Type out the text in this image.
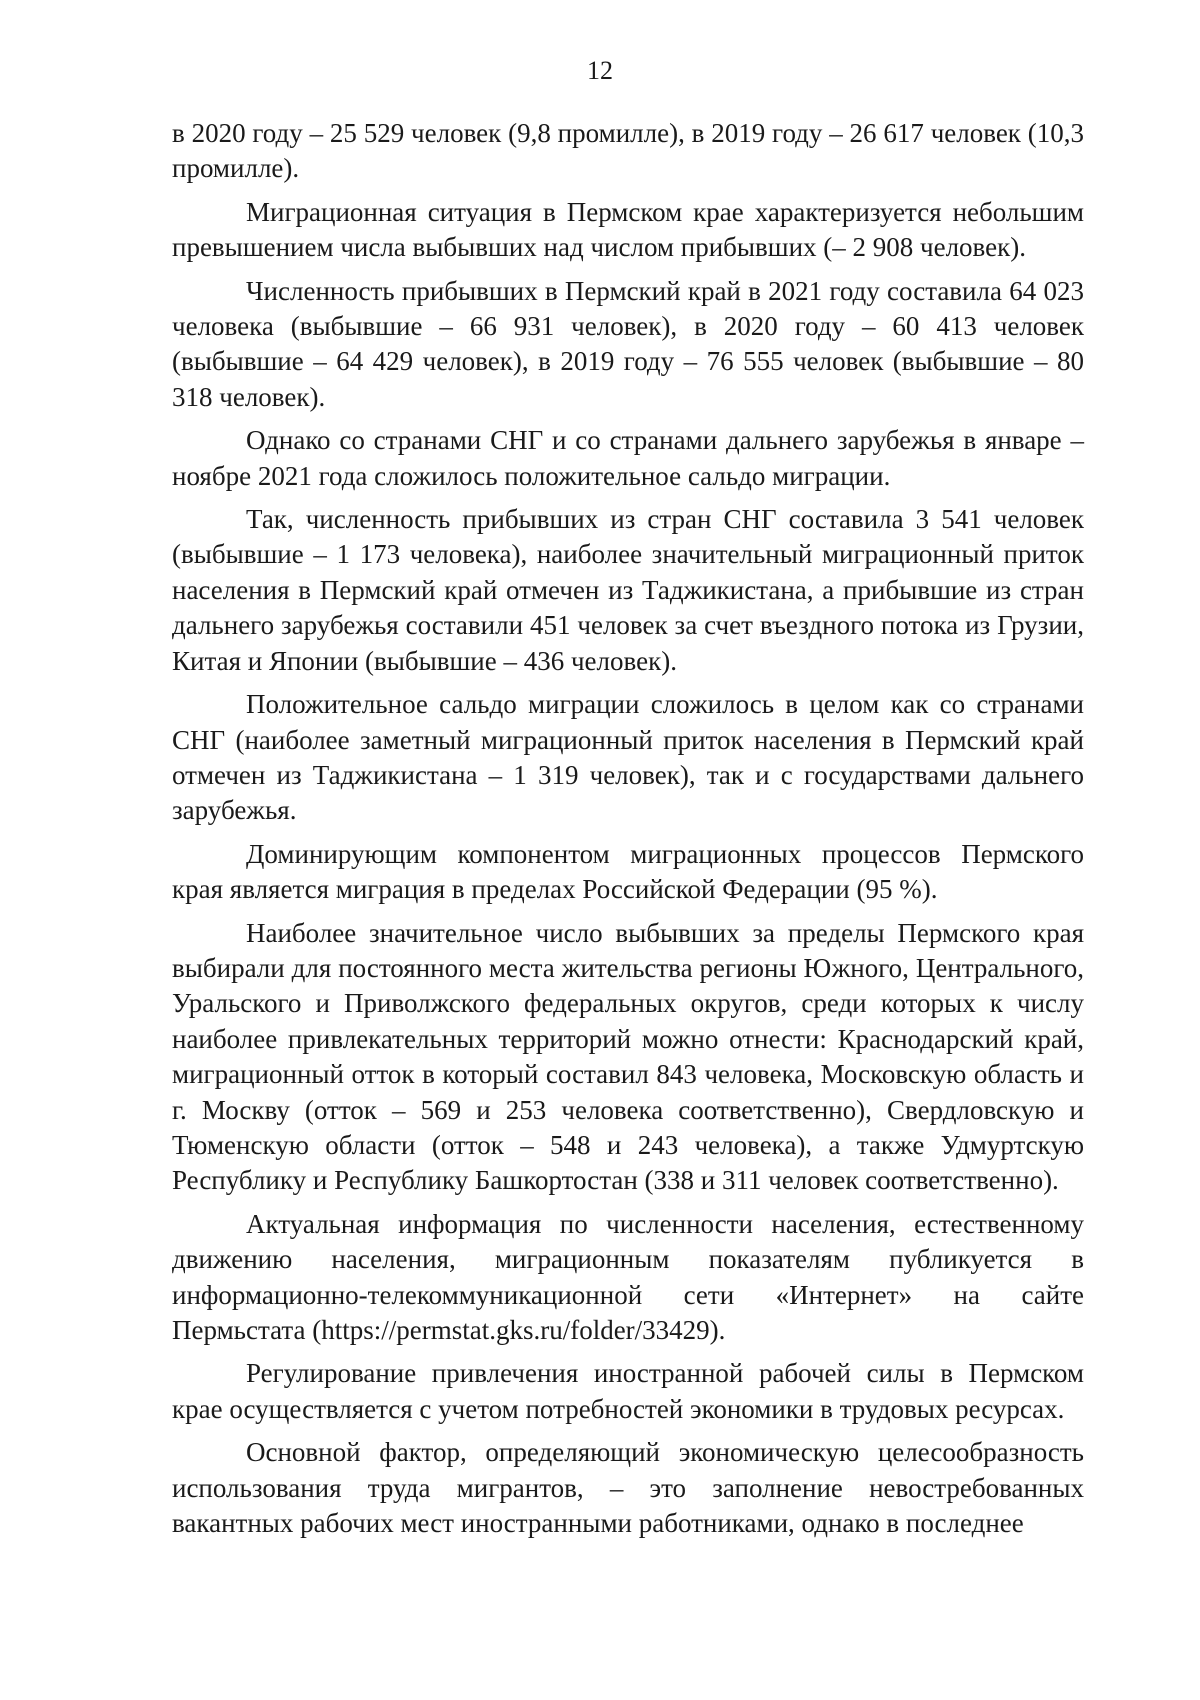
12

в 2020 году – 25 529 человек (9,8 промилле), в 2019 году – 26 617 человек (10,3 промилле).

Миграционная ситуация в Пермском крае характеризуется небольшим превышением числа выбывших над числом прибывших (– 2 908 человек).

Численность прибывших в Пермский край в 2021 году составила 64 023 человека (выбывшие – 66 931 человек), в 2020 году – 60 413 человек (выбывшие – 64 429 человек), в 2019 году – 76 555 человек (выбывшие – 80 318 человек).

Однако со странами СНГ и со странами дальнего зарубежья в январе – ноябре 2021 года сложилось положительное сальдо миграции.

Так, численность прибывших из стран СНГ составила 3 541 человек (выбывшие – 1 173 человека), наиболее значительный миграционный приток населения в Пермский край отмечен из Таджикистана, а прибывшие из стран дальнего зарубежья составили 451 человек за счет въездного потока из Грузии, Китая и Японии (выбывшие – 436 человек).

Положительное сальдо миграции сложилось в целом как со странами СНГ (наиболее заметный миграционный приток населения в Пермский край отмечен из Таджикистана – 1 319 человек), так и с государствами дальнего зарубежья.

Доминирующим компонентом миграционных процессов Пермского края является миграция в пределах Российской Федерации (95 %).

Наиболее значительное число выбывших за пределы Пермского края выбирали для постоянного места жительства регионы Южного, Центрального, Уральского и Приволжского федеральных округов, среди которых к числу наиболее привлекательных территорий можно отнести: Краснодарский край, миграционный отток в который составил 843 человека, Московскую область и г. Москву (отток – 569 и 253 человека соответственно), Свердловскую и Тюменскую области (отток – 548 и 243 человека), а также Удмуртскую Республику и Республику Башкортостан (338 и 311 человек соответственно).

Актуальная информация по численности населения, естественному движению населения, миграционным показателям публикуется в информационно-телекоммуникационной сети «Интернет» на сайте Пермьстата (https://permstat.gks.ru/folder/33429).

Регулирование привлечения иностранной рабочей силы в Пермском крае осуществляется с учетом потребностей экономики в трудовых ресурсах.

Основной фактор, определяющий экономическую целесообразность использования труда мигрантов, – это заполнение невостребованных вакантных рабочих мест иностранными работниками, однако в последнее
